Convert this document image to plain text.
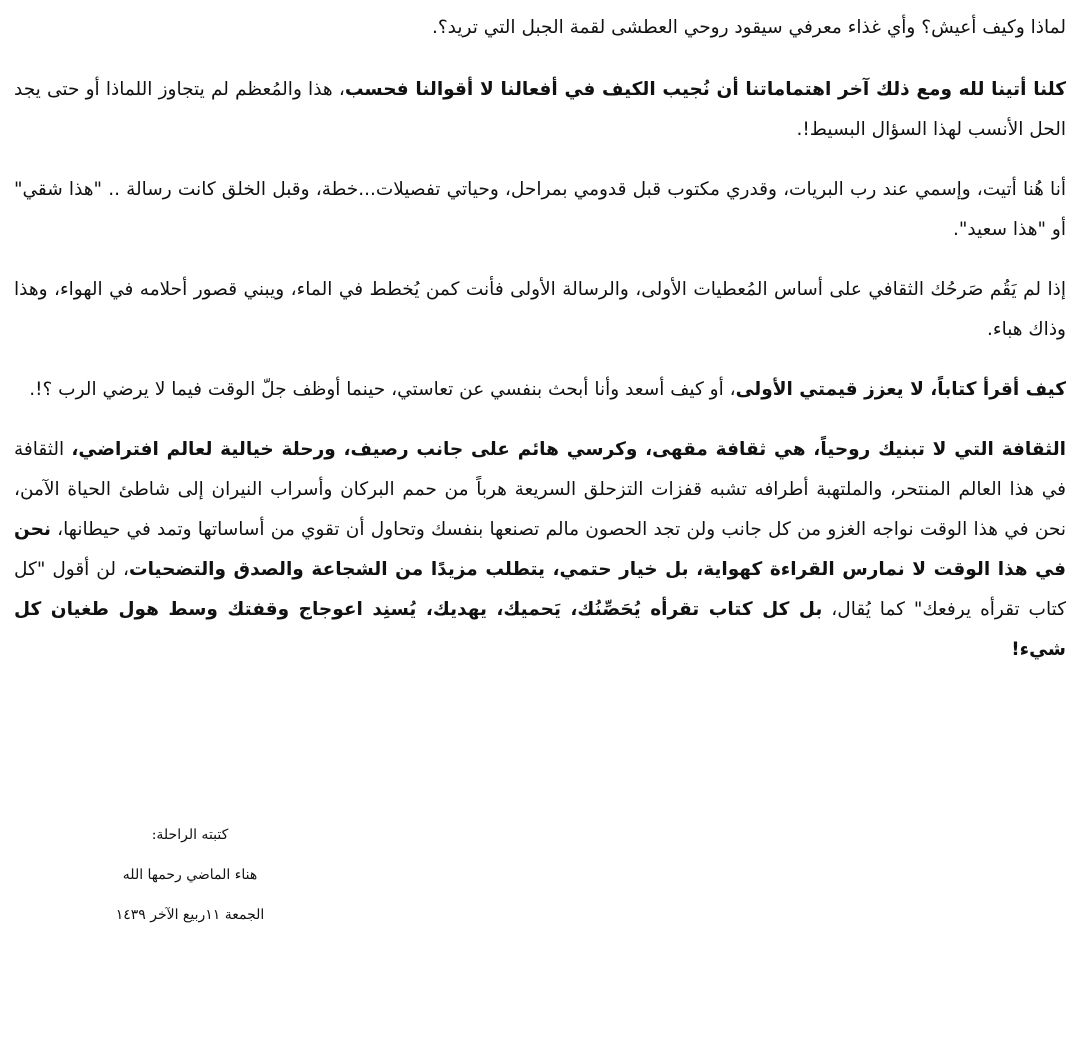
لماذا وكيف أعيش؟ وأي غذاء معرفي سيقود روحي العطشى لقمة الجبل التي تريد؟.

كلنا أتينا لله ومع ذلك آخر اهتماماتنا أن نُجيب الكيف في أفعالنا لا أقوالنا فحسب، هذا والمُعظم لم يتجاوز اللماذا أو حتى يجد الحل الأنسب لهذا السؤال البسيط!.

أنا هُنا أتيت، وإسمي عند رب البريات، وقدري مكتوب قبل قدومي بمراحل، وحياتي تفصيلات...خطة، وقبل الخلق كانت رسالة .. "هذا شقي" أو "هذا سعيد".

إذا لم يَقُم صَرحُك الثقافي على أساس المُعطيات الأولى، والرسالة الأولى فأنت كمن يُخطط في الماء، ويبني قصور أحلامه في الهواء، وهذا وذاك هباء.

كيف أقرأ كتاباً، لا يعزز قيمتي الأولى، أو كيف أسعد وأنا أبحث بنفسي عن تعاستي، حينما أوظف جلّ الوقت فيما لا يرضي الرب ؟!.

الثقافة التي لا تبنيك روحياً، هي ثقافة مقهى، وكرسي هائم على جانب رصيف، ورحلة خيالية لعالم افتراضي، الثقافة في هذا العالم المنتحر، والملتهبة أطرافه تشبه قفزات التزحلق السريعة هرباً من حمم البركان وأسراب النيران إلى شاطئ الحياة الآمن، نحن في هذا الوقت نواجه الغزو من كل جانب ولن تجد الحصون مالم تصنعها بنفسك وتحاول أن تقوي من أساساتها وتمد في حيطانها، نحن في هذا الوقت لا نمارس القراءة كهواية، بل خيار حتمي، يتطلب مزيدًا من الشجاعة والصدق والتضحيات، لن أقول "كل كتاب تقرأه يرفعك" كما يُقال، بل كل كتاب تقرأه يُحَصِّنُك، يَحميك، يهديك، يُسنِد اعوجاج وقفتك وسط هول طغيان كل شيء!

كتبته الراحلة:
هناء الماضي رحمها الله
الجمعة ١١ربيع الآخر ١٤٣٩
